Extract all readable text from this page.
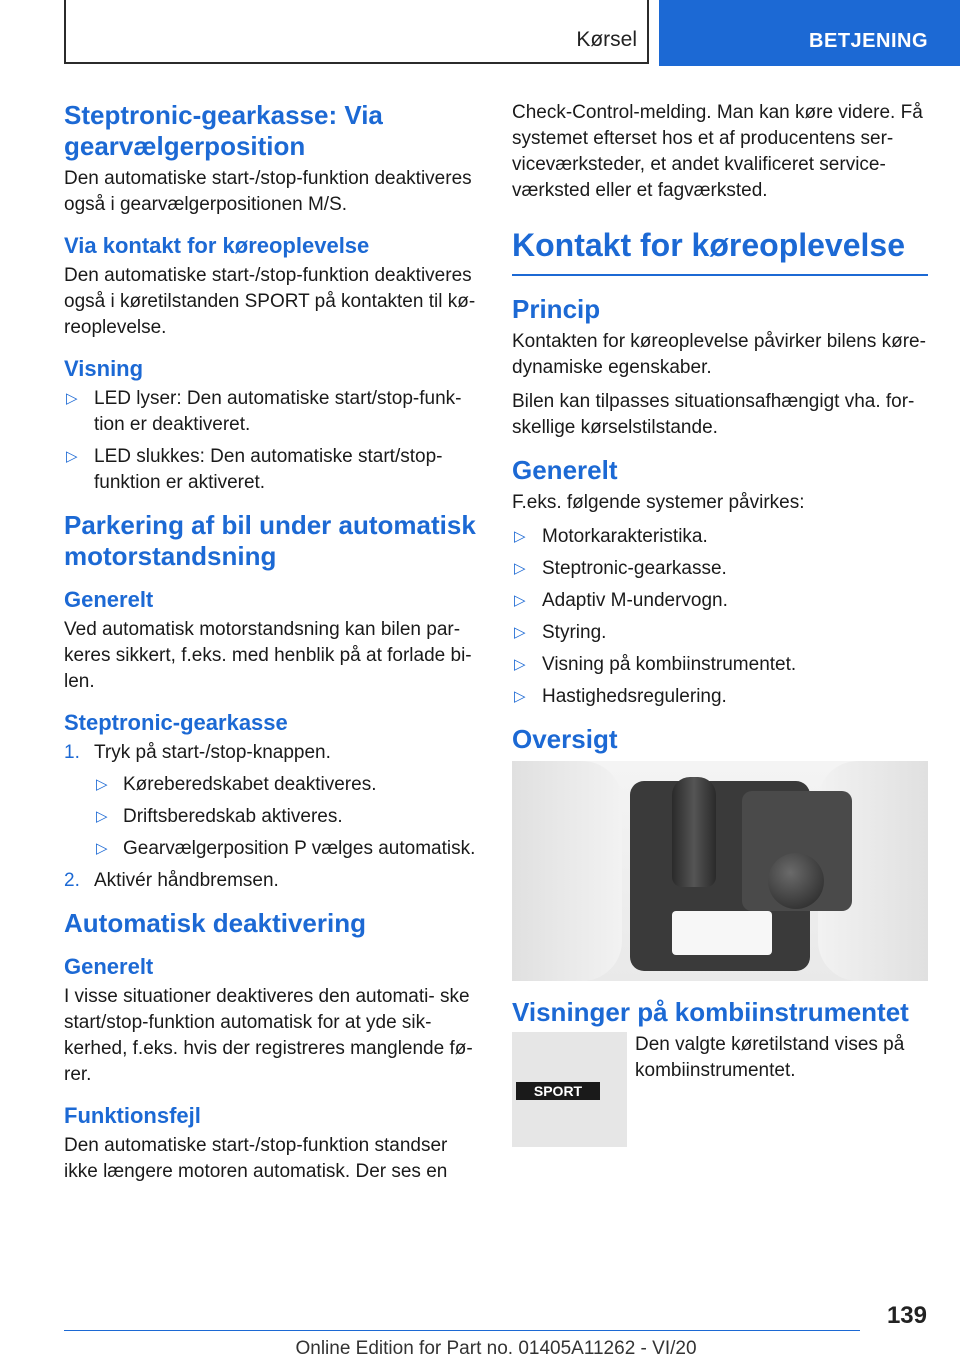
Kørsel	BETJENING
Steptronic-gearkasse: Via gearvælgerposition
Den automatiske start-/stop-funktion deaktiveres også i gearvælgerpositionen M/S.
Via kontakt for køreoplevelse
Den automatiske start-/stop-funktion deaktiveres også i køretilstanden SPORT på kontakten til kø- reoplevelse.
Visning
▷ LED lyser: Den automatiske start/stop-funk- tion er deaktiveret.
▷ LED slukkes: Den automatiske start/stop- funktion er aktiveret.
Parkering af bil under automatisk motorstandsning
Generelt
Ved automatisk motorstandsning kan bilen par- keres sikkert, f.eks. med henblik på at forlade bi- len.
Steptronic-gearkasse
1. Tryk på start-/stop-knappen.
▷ Køreberedskabet deaktiveres.
▷ Driftsberedskab aktiveres.
▷ Gearvælgerposition P vælges automatisk.
2. Aktivér håndbremsen.
Automatisk deaktivering
Generelt
I visse situationer deaktiveres den automati- ske start/stop-funktion automatisk for at yde sik- kerhed, f.eks. hvis der registreres manglende fø- rer.
Funktionsfejl
Den automatiske start-/stop-funktion standser ikke længere motoren automatisk. Der ses en
Check-Control-melding. Man kan køre videre. Få systemet efterset hos et af producentens ser- viceværksteder, et andet kvalificeret service- værksted eller et fagværksted.
Kontakt for køreoplevelse
Princip
Kontakten for køreoplevelse påvirker bilens køre- dynamiske egenskaber.
Bilen kan tilpasses situationsafhængigt vha. for- skellige kørselstilstande.
Generelt
F.eks. følgende systemer påvirkes:
▷ Motorkarakteristika.
▷ Steptronic-gearkasse.
▷ Adaptiv M-undervogn.
▷ Styring.
▷ Visning på kombiinstrumentet.
▷ Hastighedsregulering.
Oversigt
Visninger på kombiinstrumentet
SPORT
Den valgte køretilstand vises på kombiinstrumentet.
139
Online Edition for Part no. 01405A11262 - VI/20
